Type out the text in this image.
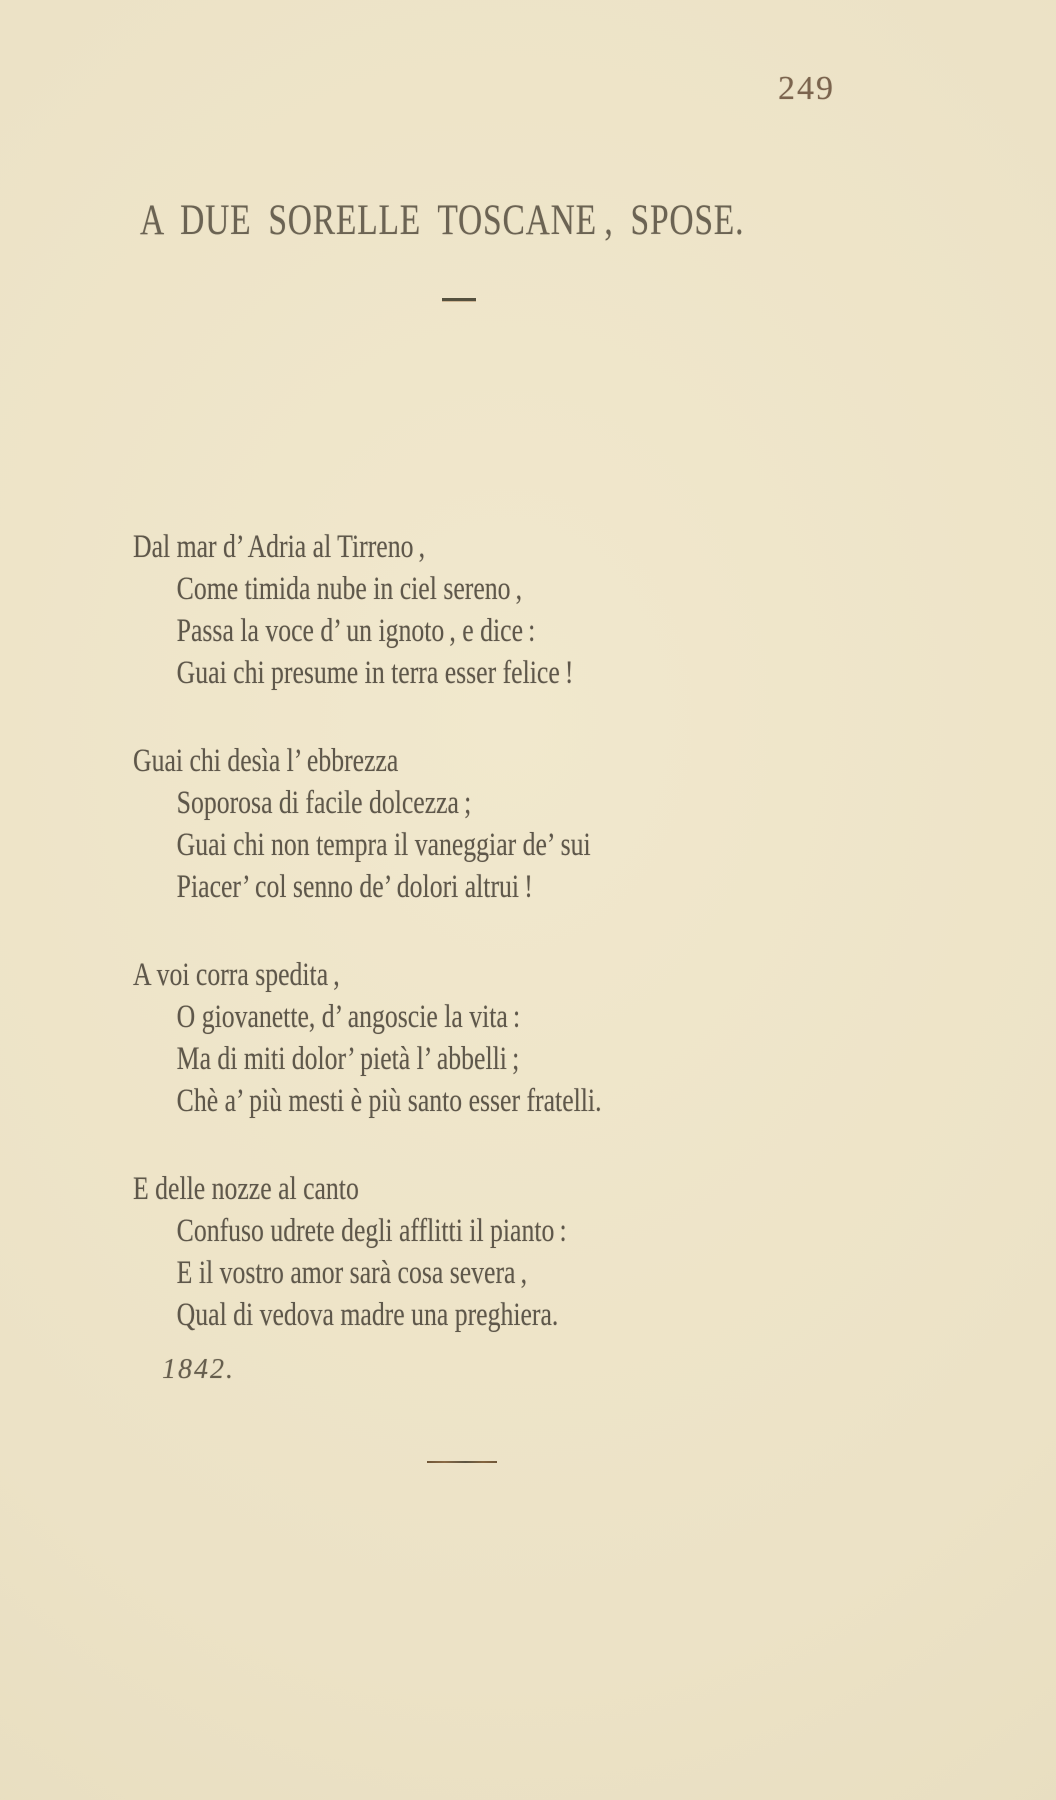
249
A DUE SORELLE TOSCANE , SPOSE.
Dal mar d’ Adria al Tirreno ,
Come timida nube in ciel sereno ,
Passa la voce d’ un ignoto , e dice :
Guai chi presume in terra esser felice !
Guai chi desìa l’ ebbrezza
Soporosa di facile dolcezza ;
Guai chi non tempra il vaneggiar de’ sui
Piacer’ col senno de’ dolori altrui !
A voi corra spedita ,
O giovanette, d’ angoscie la vita :
Ma di miti dolor’ pietà l’ abbelli ;
Chè a’ più mesti è più santo esser fratelli.
E delle nozze al canto
Confuso udrete degli afflitti il pianto :
E il vostro amor sarà cosa severa ,
Qual di vedova madre una preghiera.
1842.
